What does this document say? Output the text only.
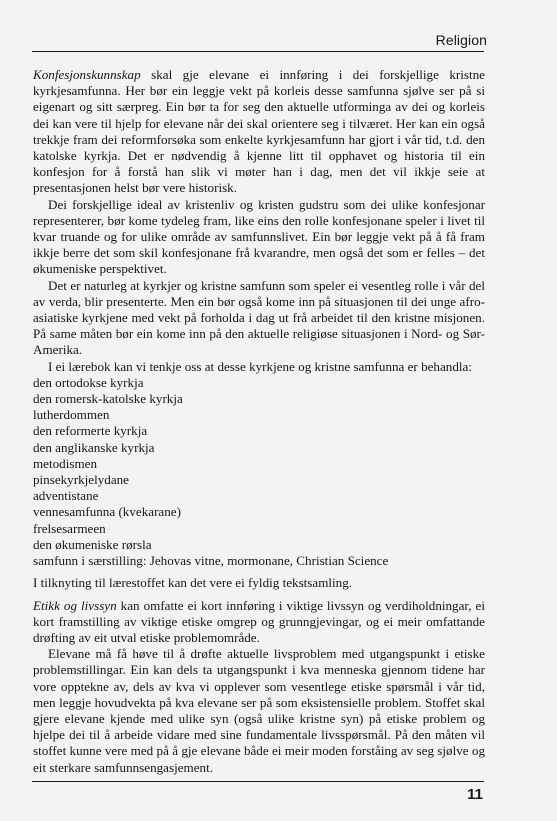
Religion

Konfesjonskunnskap skal gje elevane ei innføring i dei forskjellige kristne kyrkjesamfunna. Her bør ein leggje vekt på korleis desse samfunna sjølve ser på si eigenart og sitt særpreg. Ein bør ta for seg den aktuelle utforminga av dei og korleis dei kan vere til hjelp for elevane når dei skal orientere seg i tilværet. Her kan ein også trekkje fram dei reformforsøka som enkelte kyrkjesamfunn har gjort i vår tid, t.d. den katolske kyrkja. Det er nødvendig å kjenne litt til opphavet og historia til ein konfesjon for å forstå han slik vi møter han i dag, men det vil ikkje seie at presentasjonen helst bør vere historisk.

Dei forskjellige ideal av kristenliv og kristen gudstru som dei ulike konfesjonar representerer, bør kome tydeleg fram, like eins den rolle konfesjonane speler i livet til kvar truande og for ulike område av samfunnslivet. Ein bør leggje vekt på å få fram ikkje berre det som skil konfesjonane frå kvarandre, men også det som er felles – det økumeniske perspektivet.

Det er naturleg at kyrkjer og kristne samfunn som speler ei vesentleg rolle i vår del av verda, blir presenterte. Men ein bør også kome inn på situasjonen til dei unge afro-asiatiske kyrkjene med vekt på forholda i dag ut frå arbeidet til den kristne misjonen. På same måten bør ein kome inn på den aktuelle religiøse situasjonen i Nord- og Sør-Amerika.

I ei lærebok kan vi tenkje oss at desse kyrkjene og kristne samfunna er behandla:

den ortodokse kyrkja
den romersk-katolske kyrkja
lutherdommen
den reformerte kyrkja
den anglikanske kyrkja
metodismen
pinsekyrkjelydane
adventistane
vennesamfunna (kvekarane)
frelsesarmeen
den økumeniske rørsla
samfunn i særstilling: Jehovas vitne, mormonane, Christian Science

I tilknyting til lærestoffet kan det vere ei fyldig tekstsamling.

Etikk og livssyn kan omfatte ei kort innføring i viktige livssyn og verdiholdningar, ei kort framstilling av viktige etiske omgrep og grunngjevingar, og ei meir omfattande drøfting av eit utval etiske problemområde.

Elevane må få høve til å drøfte aktuelle livsproblem med utgangspunkt i etiske problemstillingar. Ein kan dels ta utgangspunkt i kva menneska gjennom tidene har vore opptekne av, dels av kva vi opplever som vesentlege etiske spørsmål i vår tid, men leggje hovudvekta på kva elevane ser på som eksistensielle problem. Stoffet skal gjere elevane kjende med ulike syn (også ulike kristne syn) på etiske problem og hjelpe dei til å arbeide vidare med sine fundamentale livsspørsmål. På den måten vil stoffet kunne vere med på å gje elevane både ei meir moden forståing av seg sjølve og eit sterkare samfunnsengasjement.

11
